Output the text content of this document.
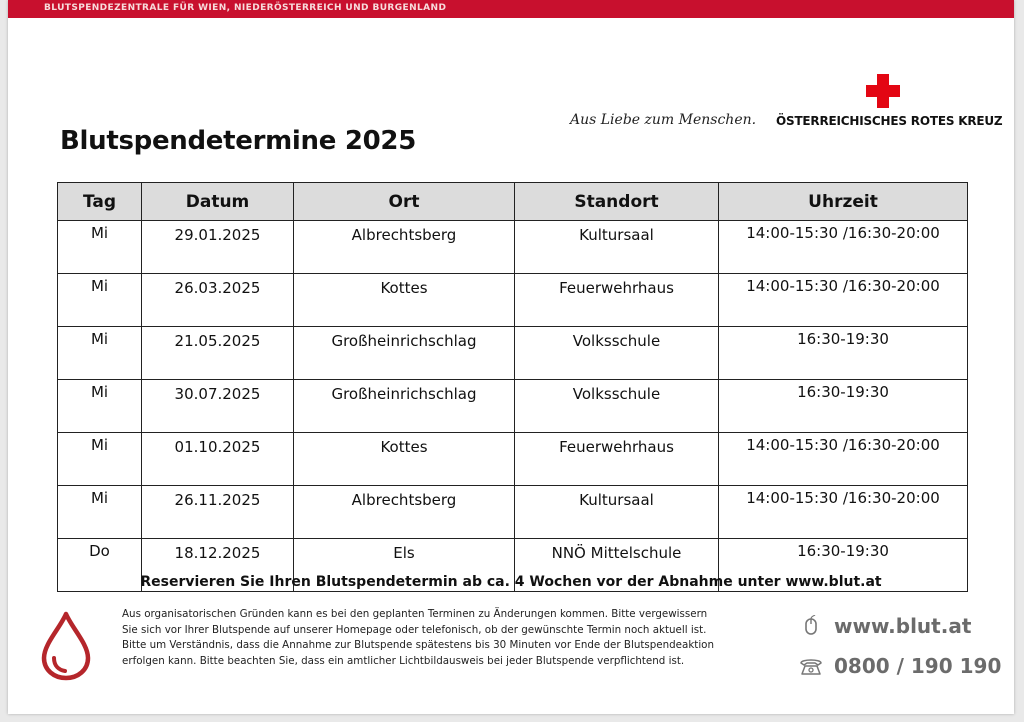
BLUTSPENDEZENTRALE FÜR WIEN, NIEDERÖSTERREICH UND BURGENLAND
Aus Liebe zum Menschen. ÖSTERREICHISCHES ROTES KREUZ
Blutspendetermine 2025
Tag	Datum	Ort	Standort	Uhrzeit
Mi	29.01.2025	Albrechtsberg	Kultursaal	14:00-15:30 /16:30-20:00
Mi	26.03.2025	Kottes	Feuerwehrhaus	14:00-15:30 /16:30-20:00
Mi	21.05.2025	Großheinrichschlag	Volksschule	16:30-19:30
Mi	30.07.2025	Großheinrichschlag	Volksschule	16:30-19:30
Mi	01.10.2025	Kottes	Feuerwehrhaus	14:00-15:30 /16:30-20:00
Mi	26.11.2025	Albrechtsberg	Kultursaal	14:00-15:30 /16:30-20:00
Do	18.12.2025	Els	NNÖ Mittelschule	16:30-19:30
Reservieren Sie Ihren Blutspendetermin ab ca. 4 Wochen vor der Abnahme unter www.blut.at
Aus organisatorischen Gründen kann es bei den geplanten Terminen zu Änderungen kommen. Bitte vergewissern
Sie sich vor Ihrer Blutspende auf unserer Homepage oder telefonisch, ob der gewünschte Termin noch aktuell ist.
Bitte um Verständnis, dass die Annahme zur Blutspende spätestens bis 30 Minuten vor Ende der Blutspendeaktion
erfolgen kann. Bitte beachten Sie, dass ein amtlicher Lichtbildausweis bei jeder Blutspende verpflichtend ist.
www.blut.at
0800 / 190 190
